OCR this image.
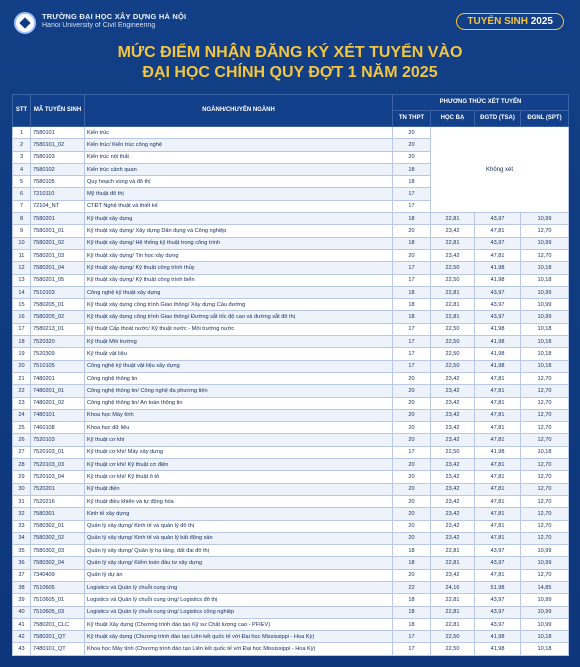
TRƯỜNG ĐẠI HỌC XÂY DỰNG HÀ NỘI
Hanoi University of Civil Engineering	TUYỂN SINH 2025
MỨC ĐIỂM NHẬN ĐĂNG KÝ XÉT TUYỂN VÀO
ĐẠI HỌC CHÍNH QUY ĐỢT 1 NĂM 2025
STT	MÃ TUYỂN SINH	NGÀNH/CHUYÊN NGÀNH	PHƯƠNG THỨC XÉT TUYỂN			
			TN THPT	HỌC BẠ	ĐGTD (TSA)	ĐGNL (SPT)
1	7580101	Kiến trúc	20	Không xét		
2	7580101_02	Kiến trúc/ Kiến trúc công nghệ	20			
3	7580103	Kiến trúc nội thất	20			
4	7580102	Kiến trúc cảnh quan	18			
5	7580105	Quy hoạch vùng và đô thị	18			
6	7210110	Mỹ thuật đô thị	17			
7	72104_NT	CTĐT Nghệ thuật và thiết kế	17			
8	7580201	Kỹ thuật xây dựng	18	22,81	43,97	10,99
9	7580201_01	Kỹ thuật xây dựng/ Xây dựng Dân dụng và Công nghiệp	20	23,42	47,81	12,70
10	7580201_02	Kỹ thuật xây dựng/ Hệ thống kỹ thuật trong công trình	18	22,81	43,97	10,99
11	7580201_03	Kỹ thuật xây dựng/ Tin học xây dựng	20	23,42	47,81	12,70
12	7580201_04	Kỹ thuật xây dựng/ Kỹ thuật công trình thủy	17	22,50	41,98	10,18
13	7580201_05	Kỹ thuật xây dựng/ Kỹ thuật công trình biển	17	22,50	41,98	10,18
14	7510103	Công nghệ kỹ thuật xây dựng	18	22,81	43,97	10,99
15	7580205_01	Kỹ thuật xây dựng công trình Giao thông/ Xây dựng Cầu đường	18	22,81	43,97	10,99
16	7580205_02	Kỹ thuật xây dựng công trình Giao thông/ Đường sắt tốc độ cao và đường sắt đô thị	18	22,81	43,97	10,99
17	7580213_01	Kỹ thuật Cấp thoát nước/ Kỹ thuật nước - Môi trường nước	17	22,50	41,98	10,18
18	7520320	Kỹ thuật Môi trường	17	22,50	41,98	10,18
19	7520309	Kỹ thuật vật liệu	17	22,50	41,98	10,18
20	7510105	Công nghệ kỹ thuật vật liệu xây dựng	17	22,50	41,98	10,18
21	7480201	Công nghệ thông tin	20	23,42	47,81	12,70
22	7480201_01	Công nghệ thông tin/ Công nghệ đa phương tiện	20	23,42	47,81	12,70
23	7480201_02	Công nghệ thông tin/ An toàn thông tin	20	23,42	47,81	12,70
24	7480101	Khoa học Máy tính	20	23,42	47,81	12,70
25	7460108	Khoa học dữ liệu	20	23,42	47,81	12,70
26	7520103	Kỹ thuật cơ khí	20	23,42	47,81	12,70
27	7520103_01	Kỹ thuật cơ khí/ Máy xây dựng	17	22,50	41,98	10,18
28	7520103_03	Kỹ thuật cơ khí/ Kỹ thuật cơ điện	20	23,42	47,81	12,70
29	7520103_04	Kỹ thuật cơ khí/ Kỹ thuật ô tô	20	23,42	47,81	12,70
30	7520201	Kỹ thuật điện	20	23,42	47,81	12,70
31	7520216	Kỹ thuật điều khiển và tự động hóa	20	23,42	47,81	12,70
32	7580301	Kinh tế xây dựng	20	23,42	47,81	12,70
33	7580302_01	Quản lý xây dựng/ Kinh tế và quản lý đô thị	20	23,42	47,81	12,70
34	7580302_02	Quản lý xây dựng/ Kinh tế và quản lý bất động sản	20	23,42	47,81	12,70
35	7580302_03	Quản lý xây dựng/ Quản lý hạ tầng, đất đai đô thị	18	22,81	43,97	10,99
36	7580302_04	Quản lý xây dựng/ Kiểm toán đầu tư xây dựng	18	22,81	43,97	10,99
37	7340409	Quản lý dự án	20	23,42	47,81	12,70
38	7510605	Logistics và Quản lý chuỗi cung ứng	22	24,16	51,98	14,85
39	7510605_01	Logistics và Quản lý chuỗi cung ứng/ Logistics đô thị	18	22,81	43,97	10,99
40	7510605_03	Logistics và Quản lý chuỗi cung ứng/ Logistics công nghiệp	18	22,81	43,97	10,99
41	7580201_CLC	Kỹ thuật Xây dựng (Chương trình đào tạo Kỹ sư Chất lượng cao - PFIEV)	18	22,81	43,97	10,99
42	7580201_QT	Kỹ thuật xây dựng (Chương trình đào tạo Liên kết quốc tế với Đại học Mississippi - Hoa Kỳ)	17	22,50	41,98	10,18
43	7480101_QT	Khoa học Máy tính (Chương trình đào tạo Liên kết quốc tế với Đại học Mississippi - Hoa Kỳ)	17	22,50	41,98	10,18
